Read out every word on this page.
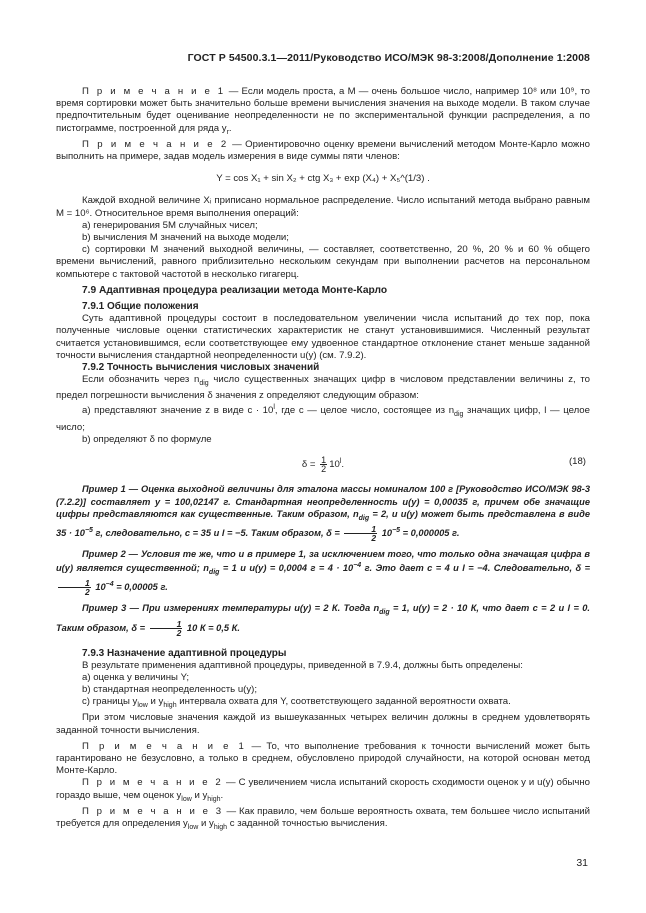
ГОСТ Р 54500.3.1—2011/Руководство ИСО/МЭК 98-3:2008/Дополнение 1:2008

П р и м е ч а н и е 1 — Если модель проста, а M — очень большое число, например 10⁸ или 10⁹, то время сортировки может быть значительно больше времени вычисления значения на выходе модели. В таком случае предпочтительным будет оценивание неопределенности не по экспериментальной функции распределения, а по пистограмме, построенной для ряда $y_r$.

П р и м е ч а н и е 2 — Ориентировочно оценку времени вычислений методом Монте-Карло можно выполнить на примере, задав модель измерения в виде суммы пяти членов:

Y = cos X₁ + sin X₂ + ctg X₃ + exp (X₄) + X₅^(1/3) .

Каждой входной величине Xᵢ приписано нормальное распределение. Число испытаний метода выбрано равным M = 10⁶. Относительное время выполнения операций:

а) генерирования 5M случайных чисел;

b) вычисления M значений на выходе модели;

c) сортировки M значений выходной величины, — составляет, соответственно, 20 %, 20 % и 60 % общего времени вычислений, равного приблизительно нескольким секундам при выполнении расчетов на персональном компьютере с тактовой частотой в несколько гигагерц.

7.9 Адаптивная процедура реализации метода Монте-Карло

7.9.1 Общие положения

Суть адаптивной процедуры состоит в последовательном увеличении числа испытаний до тех пор, пока полученные числовые оценки статистических характеристик не станут установившимися. Численный результат считается установившимся, если соответствующее ему удвоенное стандартное отклонение станет меньше заданной точности вычисления стандартной неопределенности u(y) (см. 7.9.2).

7.9.2 Точность вычисления числовых значений

Если обозначить через $n_{dig}$ число существенных значащих цифр в числовом представлении величины z, то предел погрешности вычисления δ значения z определяют следующим образом:

а) представляют значение z в виде $c \cdot 10^l$, где c — целое число, состоящее из $n_{dig}$ значащих цифр, l — целое число;

b) определяют δ по формуле

$\delta = \frac{1}{2} 10^l$.	(18)

Пример 1 — Оценка выходной величины для эталона массы номиналом 100 г [Руководство ИСО/МЭК 98-3 (7.2.2)] составляет y = 100,02147 г. Стандартная неопределенность u(y) = 0,00035 г, причем обе значащие цифры представляются как существенные. Таким образом, $n_{dig} = 2$, и u(y) может быть представлена в виде $35 \cdot 10^{-5}$ г, следовательно, c = 35 и l = −5. Таким образом, $\delta = \frac{1}{2} 10^{-5} = 0,000005$ г.

Пример 2 — Условия те же, что и в примере 1, за исключением того, что только одна значащая цифра в u(y) является существенной; $n_{dig} = 1$ и u(y) = 0,0004 $г = 4 \cdot 10^{-4}$ г. Это дает c = 4 и l = −4. Следовательно, δ =
$\frac{1}{2} 10^{-4} = 0,00005$ г.

Пример 3 — При измерениях температуры u(y) = 2 К. Тогда $n_{dig} = 1$, u(y) = 2 · 10 К, что дает c = 2 и l = 0. Таким образом, $\delta = \frac{1}{2} 10$ К = 0,5 К.

7.9.3 Назначение адаптивной процедуры

В результате применения адаптивной процедуры, приведенной в 7.9.4, должны быть определены:

а) оценка y величины Y;

b) стандартная неопределенность u(y);

c) границы $y_{low}$ и $y_{high}$ интервала охвата для Y, соответствующего заданной вероятности охвата.

При этом числовые значения каждой из вышеуказанных четырех величин должны в среднем удовлетворять заданной точности вычисления.

П р и м е ч а н и е 1 — То, что выполнение требования к точности вычислений может быть гарантировано не безусловно, а только в среднем, обусловлено природой случайности, на которой основан метод Монте-Карло.

П р и м е ч а н и е 2 — С увеличением числа испытаний скорость сходимости оценок y и u(y) обычно гораздо выше, чем оценок $y_{low}$ и $y_{high}$.

П р и м е ч а н и е 3 — Как правило, чем больше вероятность охвата, тем большее число испытаний требуется для определения $y_{low}$ и $y_{high}$ с заданной точностью вычисления.

31
